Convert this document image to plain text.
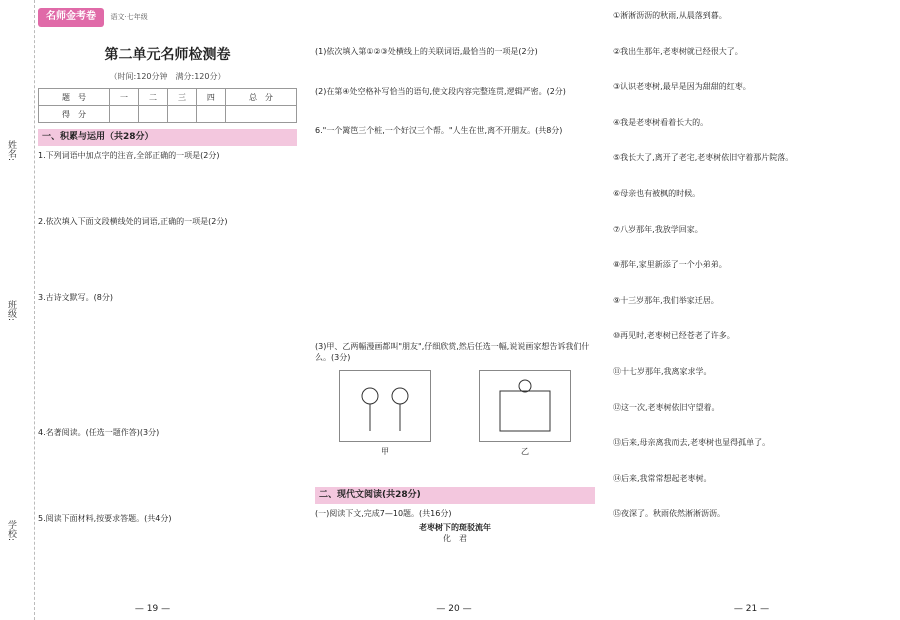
姓名:
班级:
学校:
名师金考卷 语文·七年级
第二单元名师检测卷
（时间:120分钟　满分:120分）
题　号	一	二	三	四	总　分
得　分					
一、积累与运用（共28分）
1.下列词语中加点字的注音,全部正确的一项是(2分)
2.依次填入下面文段横线处的词语,正确的一项是(2分)
3.古诗文默写。(8分)
4.名著阅读。(任选一题作答)(3分)
5.阅读下面材料,按要求答题。(共4分)
— 19 —
(1)依次填入第①②③处横线上的关联词语,最恰当的一项是(2分)
(2)在第④处空格补写恰当的语句,使文段内容完整连贯,逻辑严密。(2分)
6."一个篱笆三个桩,一个好汉三个帮。"人生在世,离不开朋友。(共8分)
(3)甲、乙两幅漫画都叫"朋友",仔细欣赏,然后任选一幅,说说画家想告诉我们什么。(3分)
甲	乙
二、现代文阅读(共28分)
(一)阅读下文,完成7—10题。(共16分)
老枣树下的斑驳流年
化　君
— 20 —
①淅淅沥沥的秋雨,从晨落到暮。
②我出生那年,老枣树就已经很大了。
③认识老枣树,最早是因为甜甜的红枣。
④我是老枣树看着长大的。
⑤我长大了,离开了老宅,老枣树依旧守着那片院落。
⑥母亲也有被枫的时候。
⑦八岁那年,我放学回家。
⑧那年,家里新添了一个小弟弟。
⑨十三岁那年,我们举家迁居。
⑩再见时,老枣树已经苍老了许多。
⑪十七岁那年,我离家求学。
⑫这一次,老枣树依旧守望着。
⑬后来,母亲离我而去,老枣树也显得孤单了。
⑭后来,我常常想起老枣树。
⑮夜深了。秋雨依然淅淅沥沥。
— 21 —
